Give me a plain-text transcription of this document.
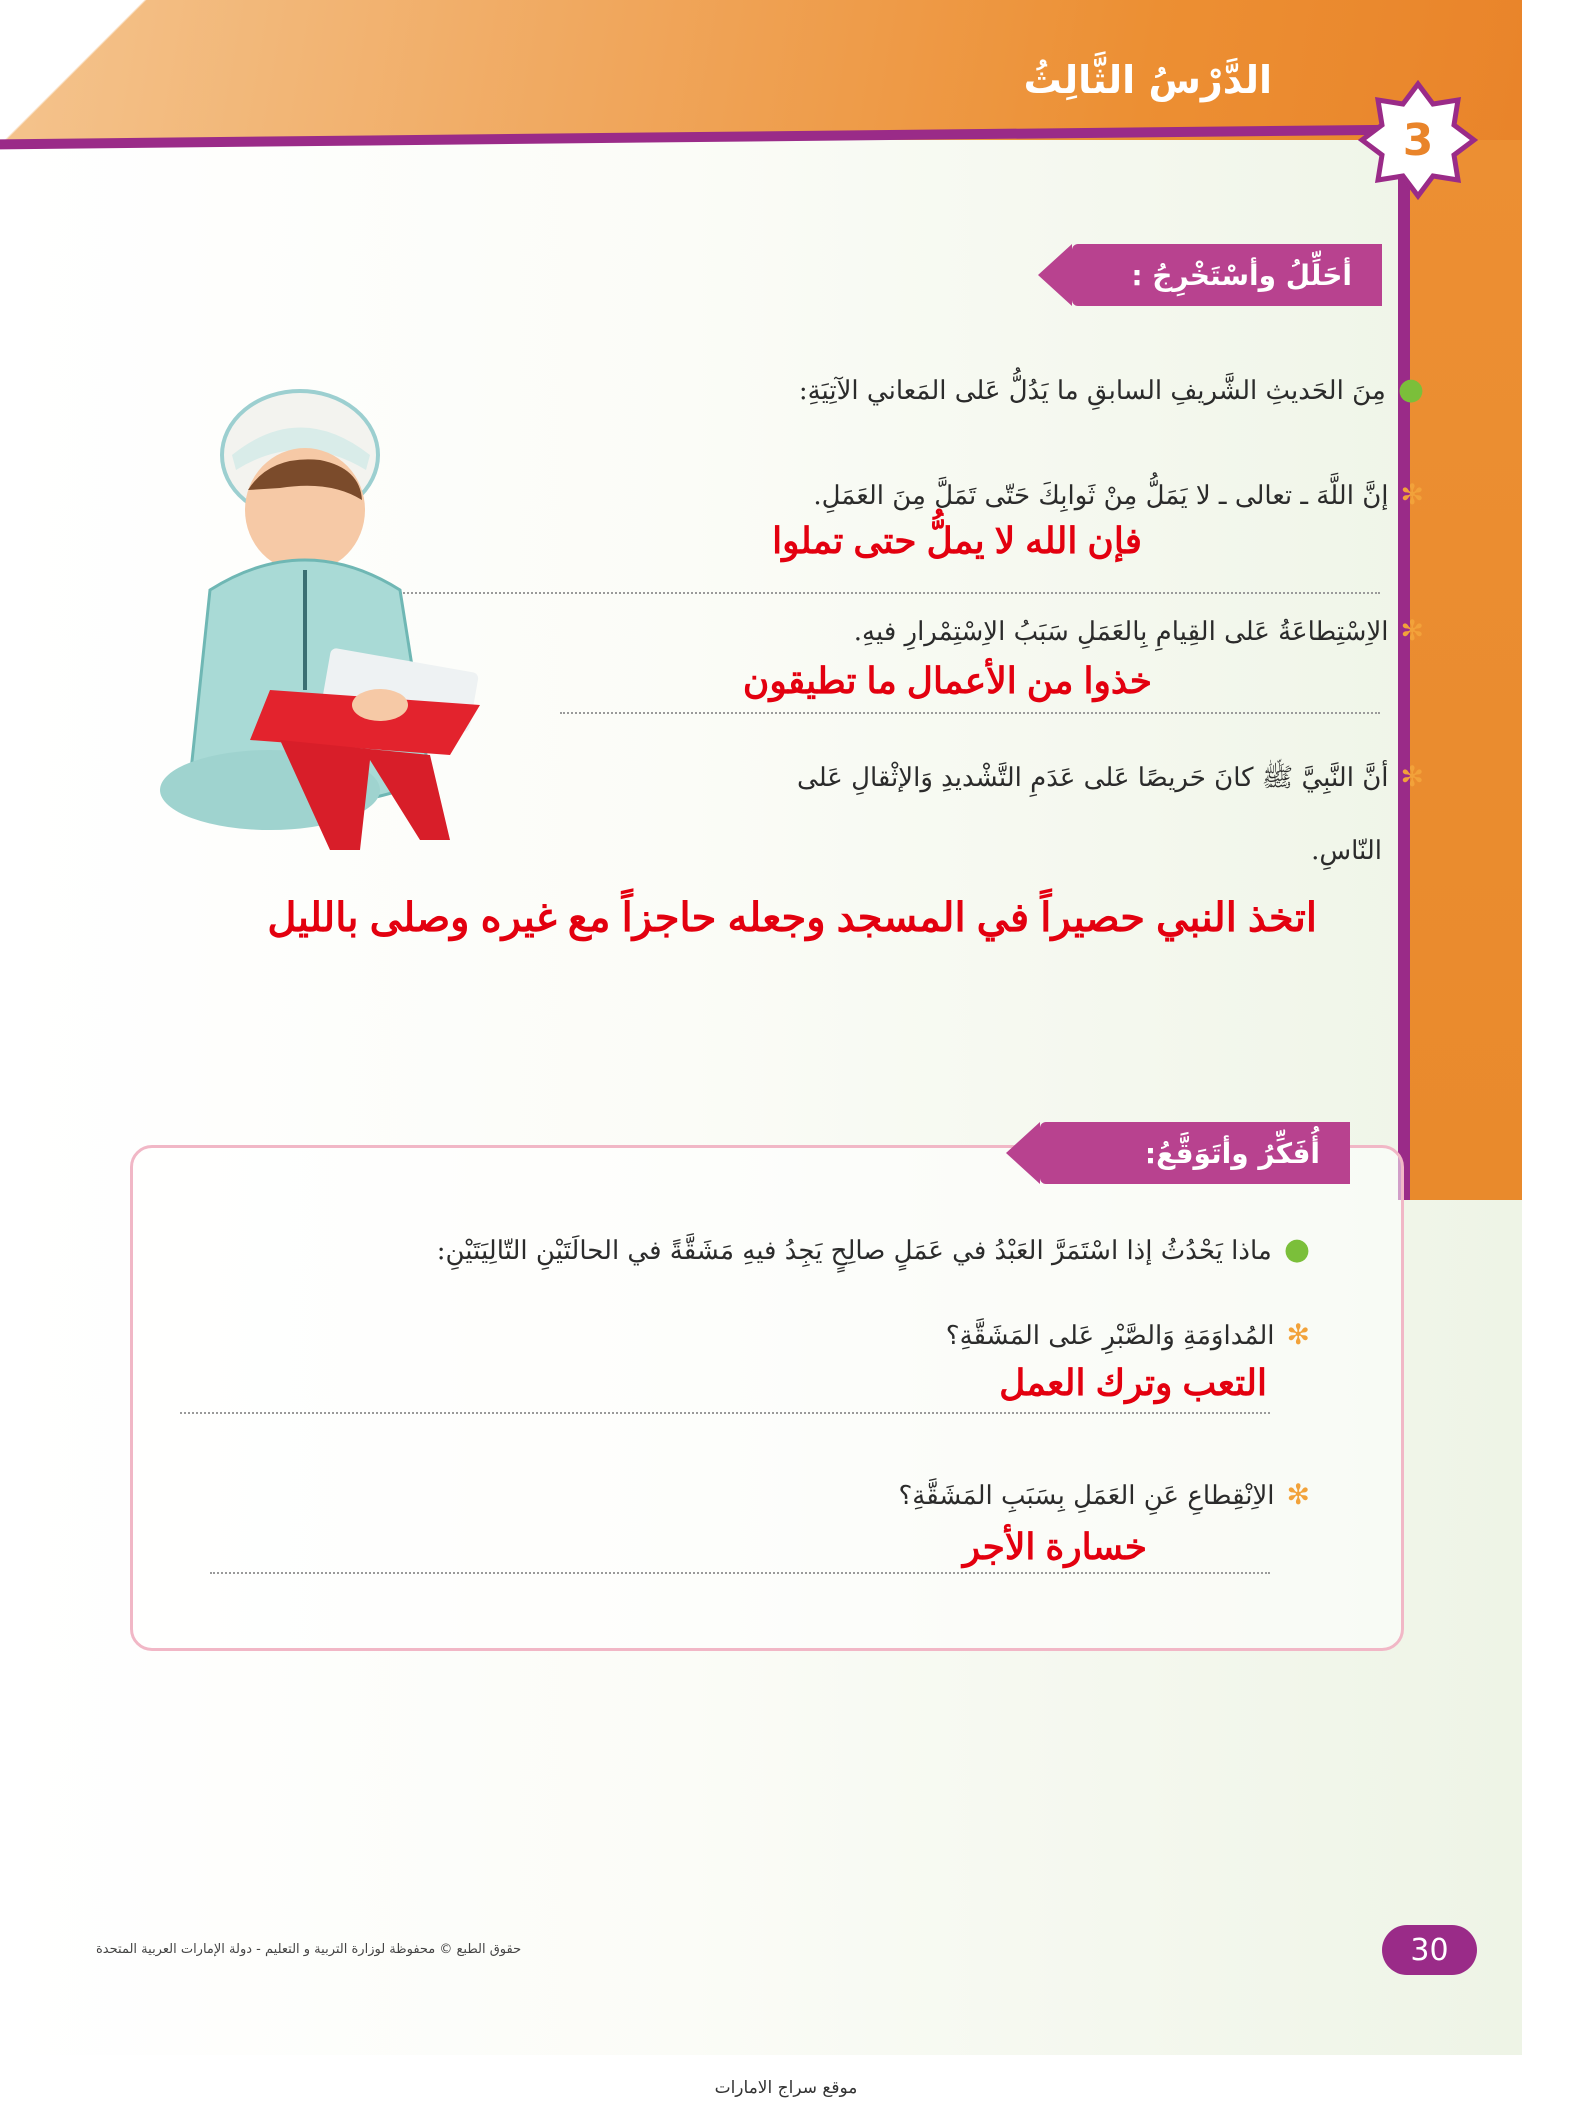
الدَّرْسُ الثَّالِثُ
3
أحَلِّلُ وأسْتَخْرِجُ :
●مِنَ الحَديثِ الشَّريفِ السابقِ ما يَدُلُّ عَلى المَعاني الآتِيَةِ:
✻إنَّ اللَّهَ ـ تعالى ـ لا يَمَلُّ مِنْ ثَوابِكَ حَتّى تَمَلَّ مِنَ العَمَلِ.
فإن الله لا يملُّ حتى تملوا
✻الاِسْتِطاعَةُ عَلى القِيامِ بِالعَمَلِ سَبَبُ الاِسْتِمْرارِ فيهِ.
خذوا من الأعمال ما تطيقون
✻أنَّ النَّبِيَّ ﷺ كانَ حَريصًا عَلى عَدَمِ التَّشْديدِ وَالإثْقالِ عَلى
النّاسِ.
اتخذ النبي حصيراً في المسجد وجعله حاجزاً مع غيره وصلى بالليل
أُفَكِّرُ وأتَوَقَّعُ:
●ماذا يَحْدُثُ إذا اسْتَمَرَّ العَبْدُ في عَمَلٍ صالِحٍ يَجِدُ فيهِ مَشَقَّةً في الحالَتَيْنِ التّالِيَتَيْنِ:
✻المُداوَمَةِ وَالصَّبْرِ عَلى المَشَقَّةِ؟
التعب وترك العمل
✻الاِنْقِطاعِ عَنِ العَمَلِ بِسَبَبِ المَشَقَّةِ؟
خسارة الأجر
حقوق الطبع © محفوظة لوزارة التربية و التعليم - دولة الإمارات العربية المتحدة	30
موقع سراج الامارات
